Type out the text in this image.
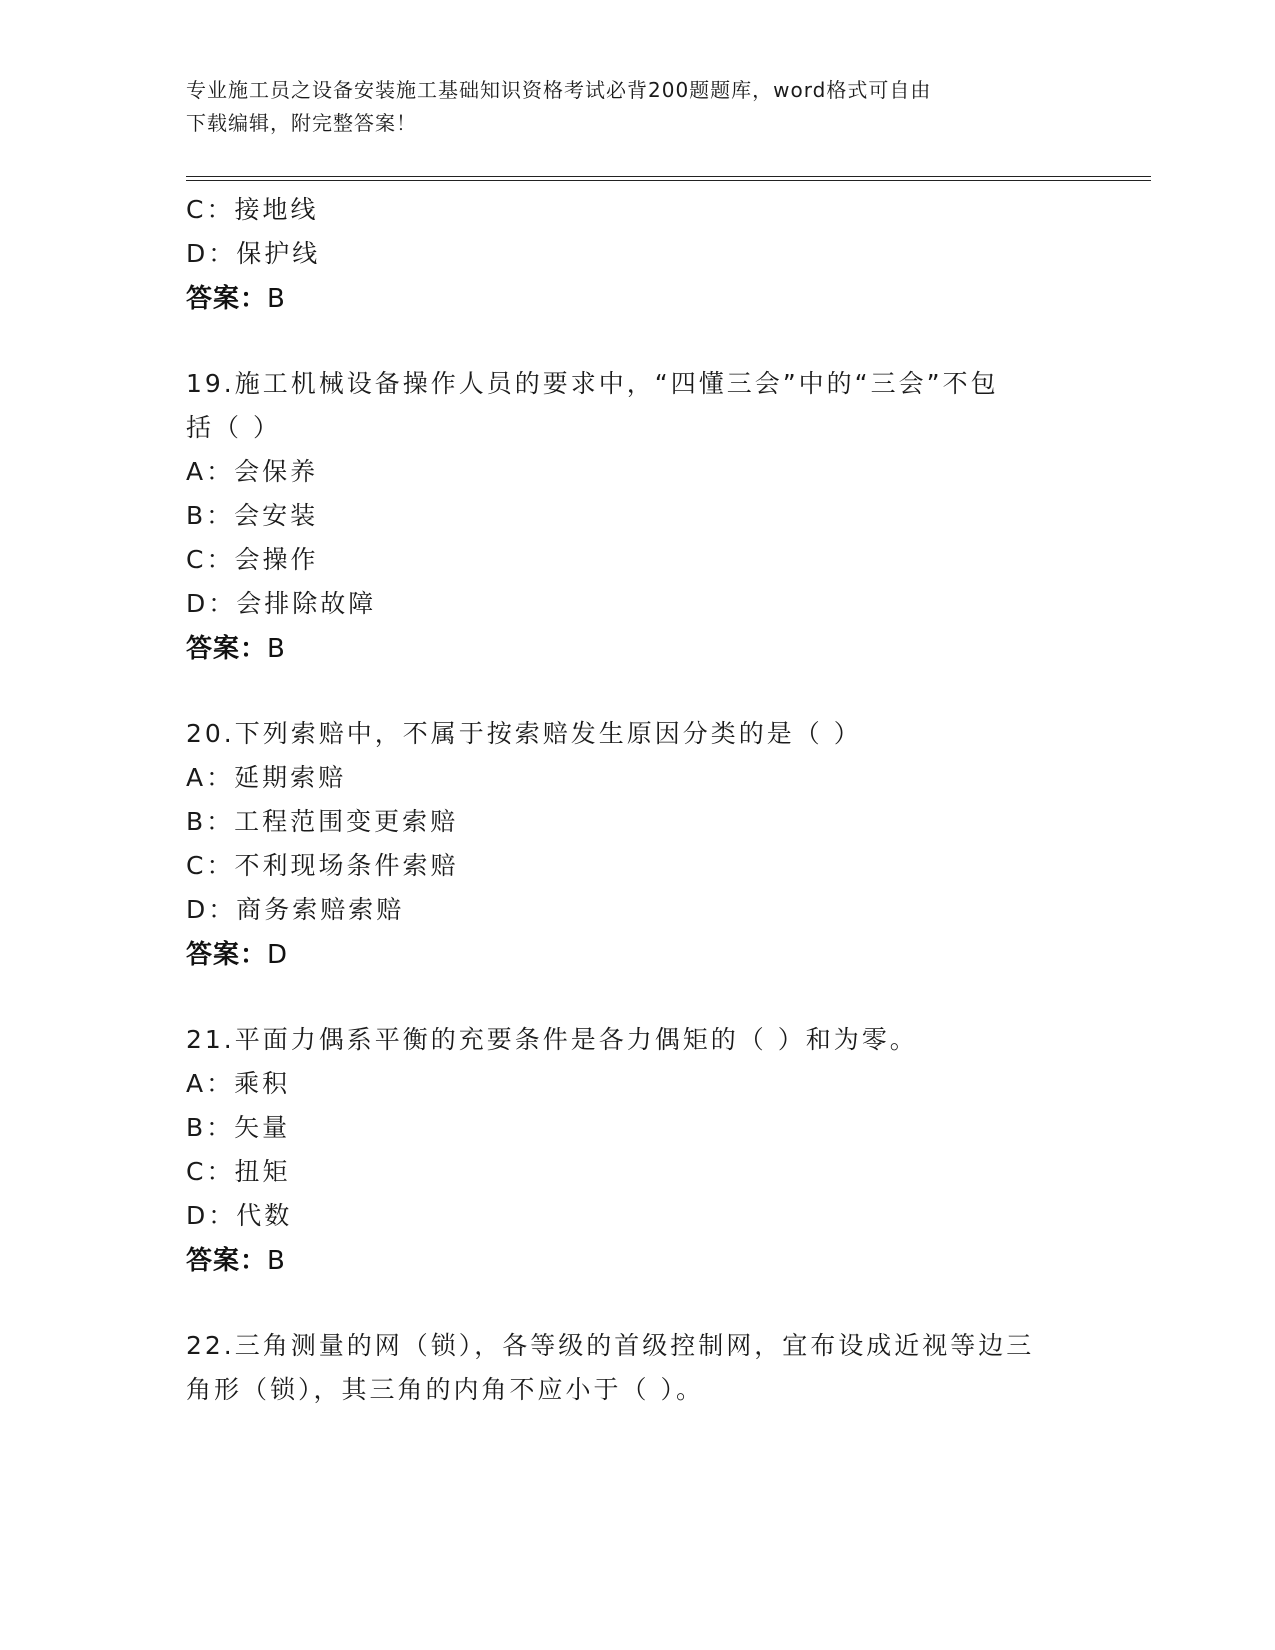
专业施工员之设备安装施工基础知识资格考试必背200题题库，word格式可自由
下载编辑，附完整答案！
C：接地线
D：保护线
答案：B
19.施工机械设备操作人员的要求中，“四懂三会”中的“三会”不包
括（ ）
A：会保养
B：会安装
C：会操作
D：会排除故障
答案：B
20.下列索赔中，不属于按索赔发生原因分类的是（ ）
A：延期索赔
B：工程范围变更索赔
C：不利现场条件索赔
D：商务索赔索赔
答案：D
21.平面力偶系平衡的充要条件是各力偶矩的（ ）和为零。
A：乘积
B：矢量
C：扭矩
D：代数
答案：B
22.三角测量的网（锁），各等级的首级控制网，宜布设成近视等边三
角形（锁），其三角的内角不应小于（ ）。
